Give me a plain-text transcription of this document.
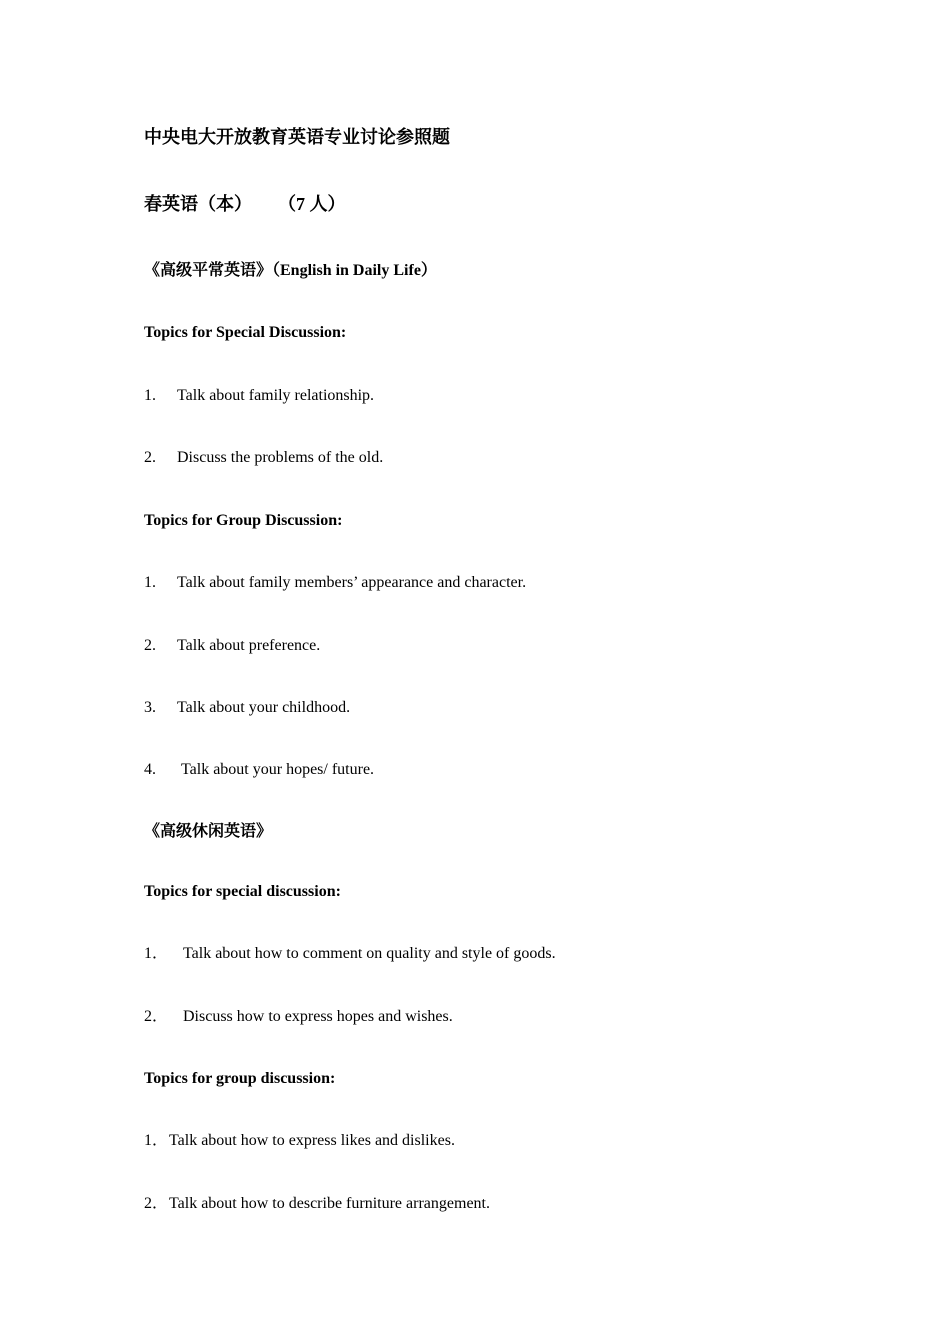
中央电大开放教育英语专业讨论参照题
春英语（本） （7 人）
《高级平常英语》（English in Daily Life）
Topics for Special Discussion:
1. Talk about family relationship.
2. Discuss the problems of the old.
Topics for Group Discussion:
1. Talk about family members’ appearance and character.
2. Talk about preference.
3. Talk about your childhood.
4. Talk about your hopes/ future.
《高级休闲英语》
Topics for special discussion:
1． Talk about how to comment on quality and style of goods.
2． Discuss how to express hopes and wishes.
Topics for group discussion:
1．Talk about how to express likes and dislikes.
2．Talk about how to describe furniture arrangement.
